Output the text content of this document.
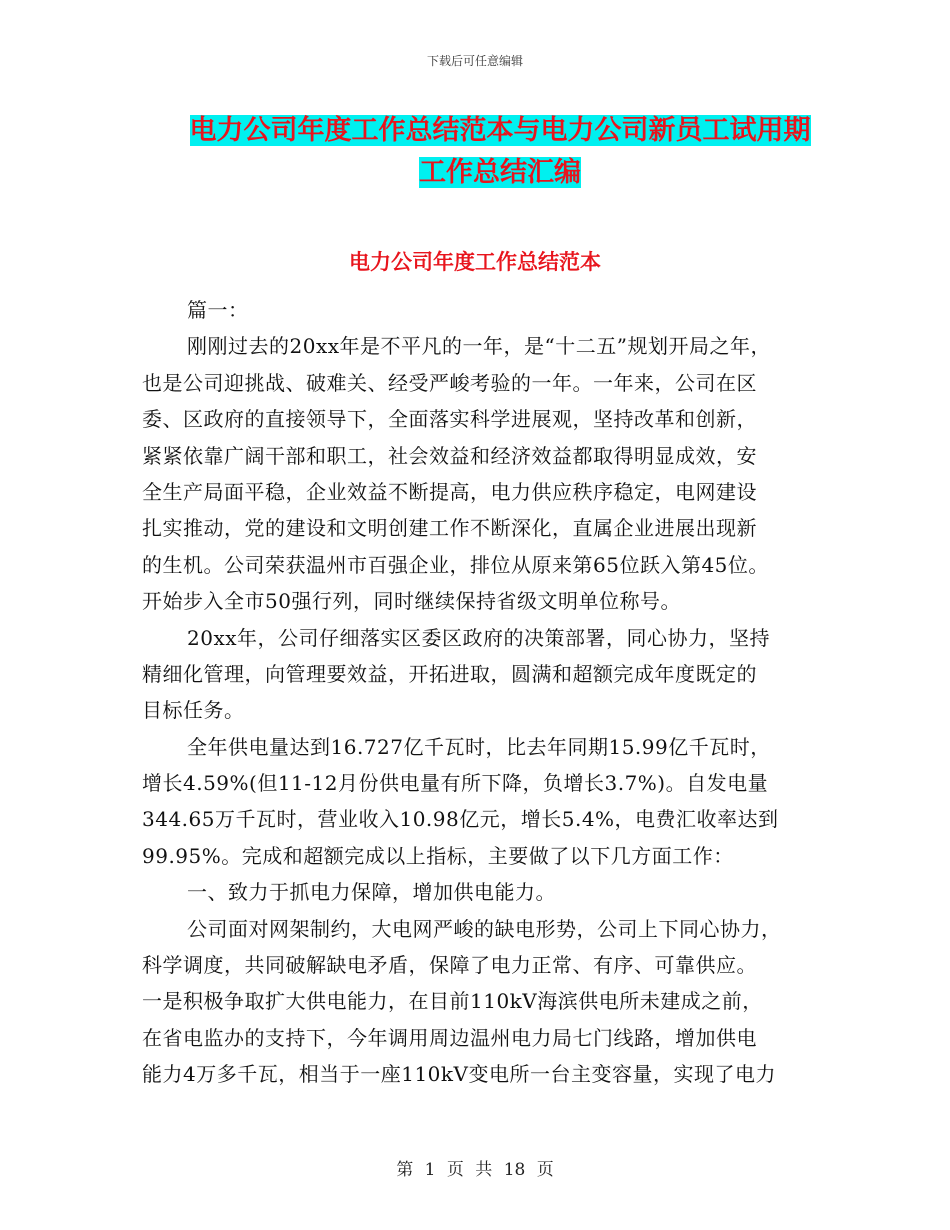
下载后可任意编辑
电力公司年度工作总结范本与电力公司新员工试用期
工作总结汇编
电力公司年度工作总结范本
篇一：
刚刚过去的20xx年是不平凡的一年，是“十二五”规划开局之年，
也是公司迎挑战、破难关、经受严峻考验的一年。一年来，公司在区
委、区政府的直接领导下，全面落实科学进展观，坚持改革和创新，
紧紧依靠广阔干部和职工，社会效益和经济效益都取得明显成效，安
全生产局面平稳，企业效益不断提高，电力供应秩序稳定，电网建设
扎实推动，党的建设和文明创建工作不断深化，直属企业进展出现新
的生机。公司荣获温州市百强企业，排位从原来第65位跃入第45位。
开始步入全市50强行列，同时继续保持省级文明单位称号。
20xx年，公司仔细落实区委区政府的决策部署，同心协力，坚持
精细化管理，向管理要效益，开拓进取，圆满和超额完成年度既定的
目标任务。
全年供电量达到16.727亿千瓦时，比去年同期15.99亿千瓦时，
增长4.59%(但11-12月份供电量有所下降，负增长3.7%)。自发电量
344.65万千瓦时，营业收入10.98亿元，增长5.4%，电费汇收率达到
99.95%。完成和超额完成以上指标，主要做了以下几方面工作：
一、致力于抓电力保障，增加供电能力。
公司面对网架制约，大电网严峻的缺电形势，公司上下同心协力，
科学调度，共同破解缺电矛盾，保障了电力正常、有序、可靠供应。
一是积极争取扩大供电能力，在目前110kV海滨供电所未建成之前，
在省电监办的支持下，今年调用周边温州电力局七门线路，增加供电
能力4万多千瓦，相当于一座110kV变电所一台主变容量，实现了电力
第 1 页 共 18 页
